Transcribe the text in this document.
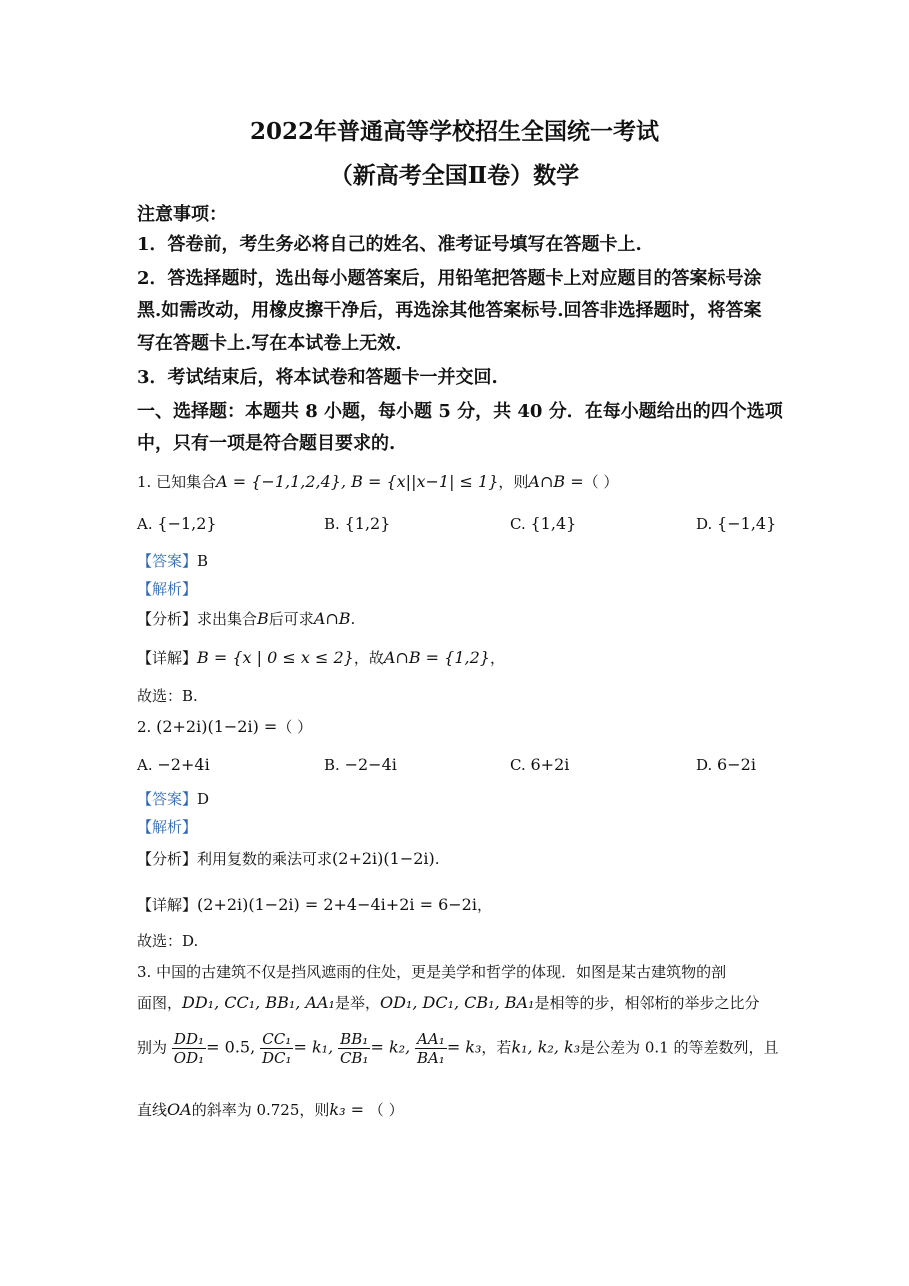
2022年普通高等学校招生全国统一考试
（新高考全国Ⅱ卷）数学
注意事项：
1．答卷前，考生务必将自己的姓名、准考证号填写在答题卡上.
2．答选择题时，选出每小题答案后，用铅笔把答题卡上对应题目的答案标号涂
黑.如需改动，用橡皮擦干净后，再选涂其他答案标号.回答非选择题时，将答案
写在答题卡上.写在本试卷上无效.
3．考试结束后，将本试卷和答题卡一并交回.
一、选择题：本题共 8 小题，每小题 5 分，共 40 分．在每小题给出的四个选项
中，只有一项是符合题目要求的.
1. 已知集合A = {−1,1,2,4}, B = {x||x−1| ≤ 1}，则A∩B =（ ）
A. {−1,2}	B. {1,2}	C. {1,4}	D. {−1,4}
【答案】B
【解析】
【分析】求出集合B后可求A∩B.
【详解】B = {x | 0 ≤ x ≤ 2}，故A∩B = {1,2}，
故选：B.
2. (2+2i)(1−2i) =（ ）
A. −2+4i	B. −2−4i	C. 6+2i	D. 6−2i
【答案】D
【解析】
【分析】利用复数的乘法可求(2+2i)(1−2i).
【详解】(2+2i)(1−2i) = 2+4−4i+2i = 6−2i，
故选：D.
3. 中国的古建筑不仅是挡风遮雨的住处，更是美学和哲学的体现．如图是某古建筑物的剖
面图，DD₁, CC₁, BB₁, AA₁是举，OD₁, DC₁, CB₁, BA₁是相等的步，相邻桁的举步之比分
别为 $\frac{\text{DD₁}}{\text{OD₁}} = 0.5$, $\frac{\text{CC₁}}{\text{DC₁}} = k_1$, $\frac{\text{BB₁}}{\text{CB₁}} = k_2$, $\frac{\text{AA₁}}{\text{BA₁}} = k_3$，若k₁, k₂, k₃是公差为 0.1 的等差数列，且
直线OA的斜率为 0.725，则k₃ = （ ）
